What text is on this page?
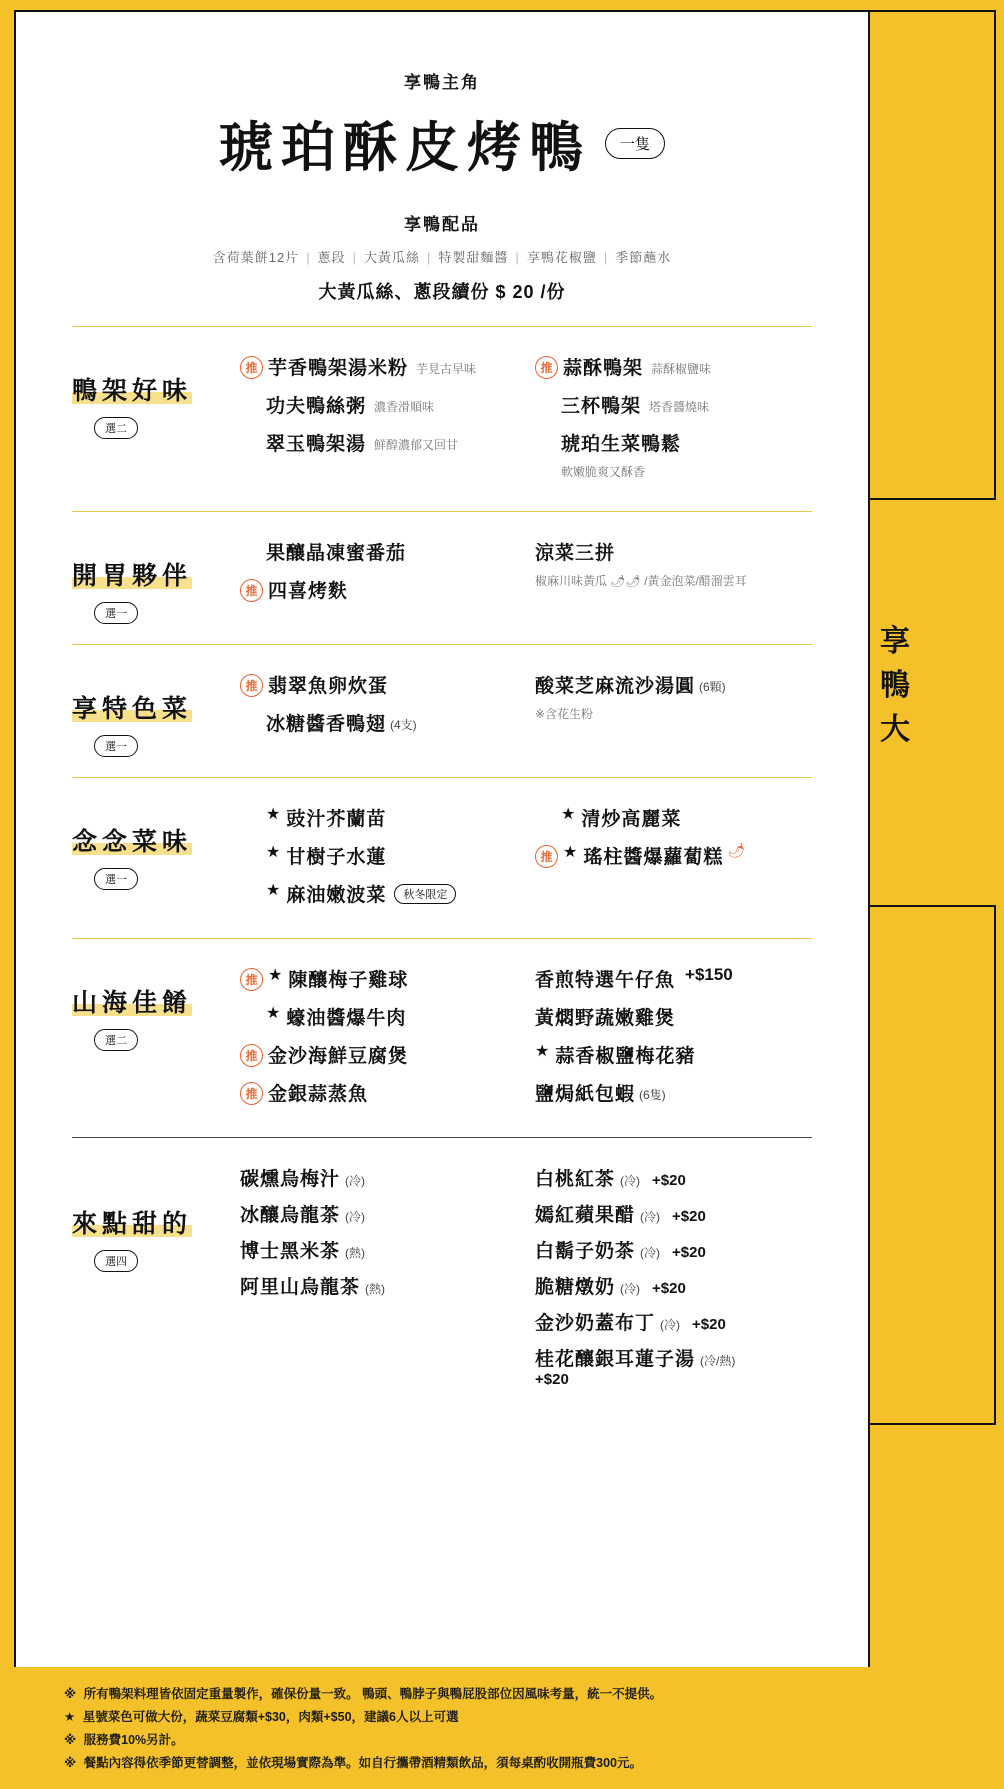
享鴨主角
琥珀酥皮烤鴨	一隻
享鴨配品
含荷葉餅12片 | 蔥段 | 大黃瓜絲 | 特製甜麵醬 | 享鴨花椒鹽 | 季節蘸水
大黃瓜絲、蔥段續份 $ 20 /份
鴨架好味
選二
推 芋香鴨架湯米粉 芋見古早味
功夫鴨絲粥 濃香滑順味
翠玉鴨架湯 鮮醇濃郁又回甘
推 蒜酥鴨架 蒜酥椒鹽味
三杯鴨架 塔香醬燒味
琥珀生菜鴨鬆
軟嫩脆爽又酥香
開胃夥伴
選一
果釀晶凍蜜番茄
推 四喜烤麩
涼菜三拼
椒麻川味黃瓜 🌶🌶 /黃金泡菜/醋溜雲耳
享特色菜
選一
推 翡翠魚卵炊蛋
冰糖醬香鴨翅 (4支)
酸菜芝麻流沙湯圓 (6顆)
※含花生粉
念念菜味
選一
★ 豉汁芥蘭苗
★ 甘樹子水蓮
★ 麻油嫩波菜	秋冬限定
★ 清炒高麗菜
推 ★ 瑤柱醬爆蘿蔔糕 🌶
山海佳餚
選二
推 ★ 陳釀梅子雞球
★ 蠔油醬爆牛肉
推 金沙海鮮豆腐煲
推 金銀蒜蒸魚
香煎特選午仔魚 +$150
黃燜野蔬嫩雞煲
★ 蒜香椒鹽梅花豬
鹽焗紙包蝦 (6隻)
來點甜的
選四
碳燻烏梅汁 (冷)
冰釀烏龍茶 (冷)
博士黑米茶 (熱)
阿里山烏龍茶 (熱)
白桃紅茶 (冷) +$20
嫣紅蘋果醋 (冷) +$20
白鬍子奶茶 (冷) +$20
脆糖燉奶 (冷) +$20
金沙奶蓋布丁 (冷) +$20
桂花釀銀耳蓮子湯 (冷/熱)
+$20
享
鴨
大
※ 所有鴨架料理皆依固定重量製作，確保份量一致。 鴨頭、鴨脖子與鴨屁股部位因風味考量，統一不提供。
★ 星號菜色可做大份，蔬菜豆腐類+$30，肉類+$50，建議6人以上可選
※ 服務費10%另計。
※ 餐點內容得依季節更替調整，並依現場實際為準。如自行攜帶酒精類飲品，須每桌酌收開瓶費300元。
